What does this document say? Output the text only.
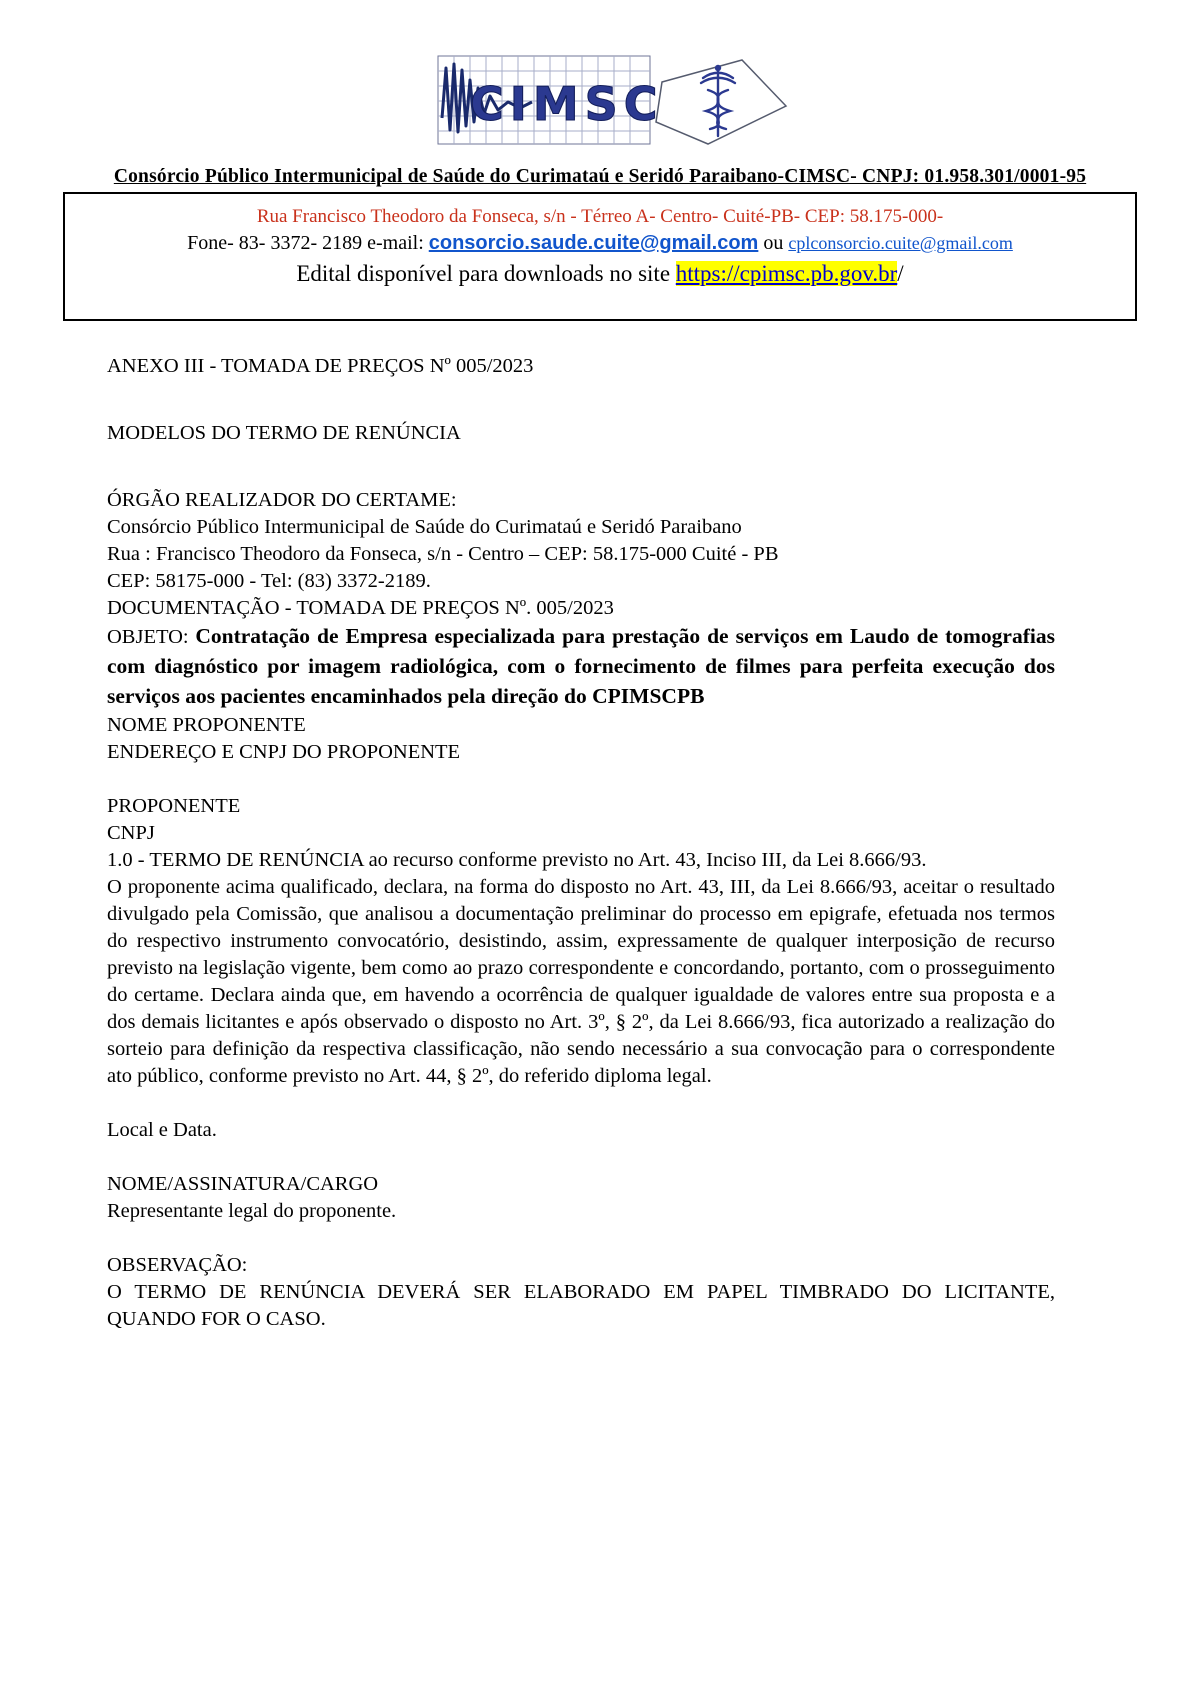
CIMSC
Consórcio Público Intermunicipal de Saúde do Curimataú e Seridó Paraibano-CIMSC- CNPJ: 01.958.301/0001-95
Rua Francisco Theodoro da Fonseca, s/n - Térreo A- Centro- Cuité-PB- CEP: 58.175-000-
Fone- 83- 3372- 2189 e-mail: consorcio.saude.cuite@gmail.com ou cplconsorcio.cuite@gmail.com
Edital disponível para downloads no site https://cpimsc.pb.gov.br/

ANEXO III - TOMADA DE PREÇOS Nº 005/2023

MODELOS DO TERMO DE RENÚNCIA

ÓRGÃO REALIZADOR DO CERTAME:

Consórcio Público Intermunicipal de Saúde do Curimataú e Seridó Paraibano

Rua : Francisco Theodoro da Fonseca, s/n - Centro – CEP: 58.175-000 Cuité - PB

CEP: 58175-000 - Tel: (83) 3372-2189.

DOCUMENTAÇÃO - TOMADA DE PREÇOS Nº. 005/2023

OBJETO: Contratação de Empresa especializada para prestação de serviços em Laudo de tomografias com diagnóstico por imagem radiológica, com o fornecimento de filmes para perfeita execução dos serviços aos pacientes encaminhados pela direção do CPIMSCPB

NOME PROPONENTE

ENDEREÇO E CNPJ DO PROPONENTE

PROPONENTE

CNPJ

1.0 - TERMO DE RENÚNCIA ao recurso conforme previsto no Art. 43, Inciso III, da Lei 8.666/93.

O proponente acima qualificado, declara, na forma do disposto no Art. 43, III, da Lei 8.666/93, aceitar o resultado divulgado pela Comissão, que analisou a documentação preliminar do processo em epigrafe, efetuada nos termos do respectivo instrumento convocatório, desistindo, assim, expressamente de qualquer interposição de recurso previsto na legislação vigente, bem como ao prazo correspondente e concordando, portanto, com o prosseguimento do certame. Declara ainda que, em havendo a ocorrência de qualquer igualdade de valores entre sua proposta e a dos demais licitantes e após observado o disposto no Art. 3º, § 2º, da Lei 8.666/93, fica autorizado a realização do sorteio para definição da respectiva classificação, não sendo necessário a sua convocação para o correspondente ato público, conforme previsto no Art. 44, § 2º, do referido diploma legal.

Local e Data.

NOME/ASSINATURA/CARGO

Representante legal do proponente.

OBSERVAÇÃO:

O TERMO DE RENÚNCIA DEVERÁ SER ELABORADO EM PAPEL TIMBRADO DO LICITANTE, QUANDO FOR O CASO.
